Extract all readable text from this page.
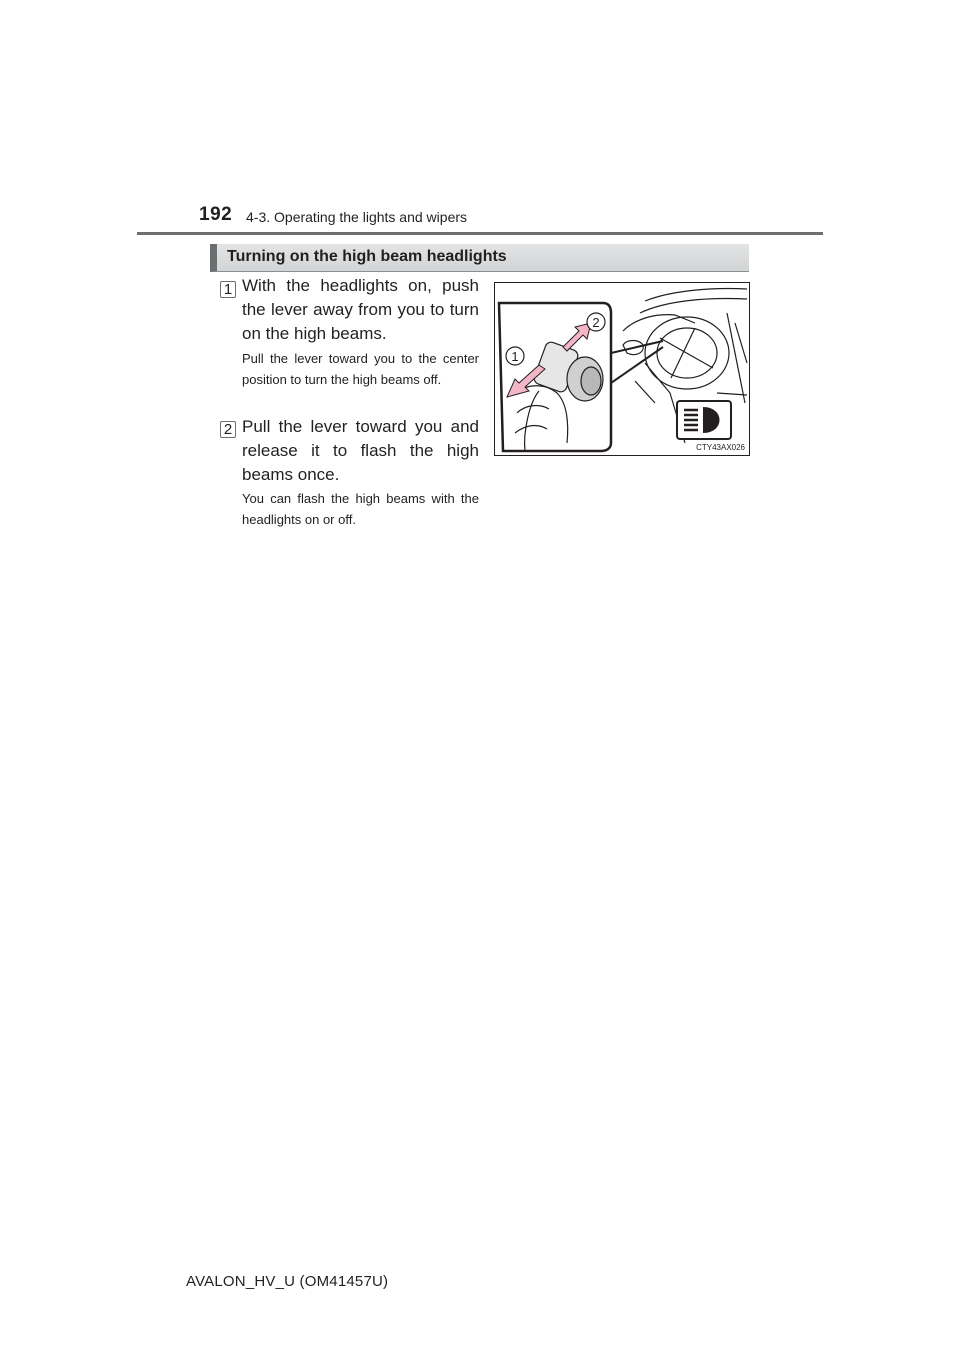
192 4-3. Operating the lights and wipers
Turning on the high beam headlights
1 With the headlights on, push the lever away from you to turn on the high beams.
Pull the lever toward you to the center position to turn the high beams off.
2 Pull the lever toward you and release it to flash the high beams once.
You can flash the high beams with the headlights on or off.
1
2
CTY43AX026
AVALON_HV_U (OM41457U)
